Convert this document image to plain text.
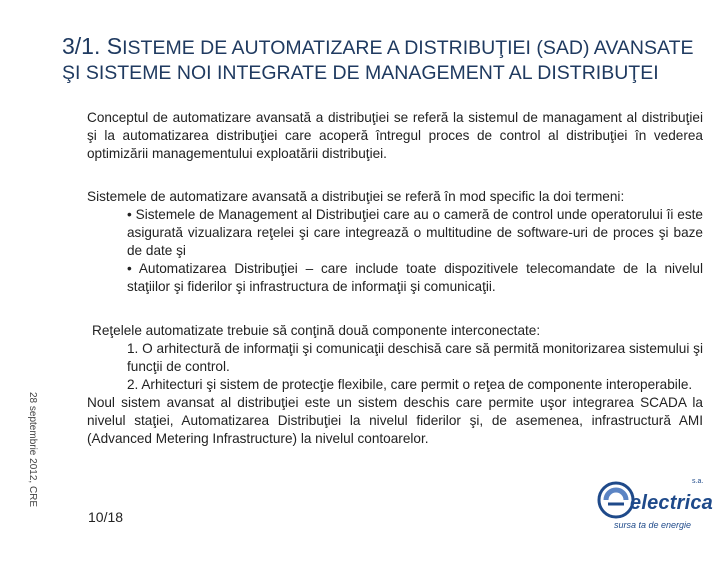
3/1. SISTEME DE AUTOMATIZARE A DISTRIBUŢIEI (SAD) AVANSATE
ŞI SISTEME NOI INTEGRATE DE MANAGEMENT AL DISTRIBUŢEI
Conceptul de automatizare avansată a distribuţiei se referă la sistemul de managament al distribuţiei şi la automatizarea distribuţiei care acoperă întregul proces de control al distribuţiei în vederea optimizării managementului exploatării distribuţiei.
Sistemele de automatizare avansată a distribuţiei se referă în mod specific la doi termeni:
• Sistemele de Management al Distribuţiei care au o cameră de control unde operatorului îi este asigurată vizualizara reţelei şi care integrează o multitudine de software-uri de proces şi baze de date şi
• Automatizarea Distribuţiei – care include toate dispozitivele telecomandate de la nivelul staţiilor şi fiderilor şi infrastructura de informaţii şi comunicaţii.
Reţelele automatizate trebuie să conţină două componente interconectate:
1. O arhitectură de informaţii şi comunicaţii deschisă care să permită monitorizarea sistemului şi funcţii de control.
2. Arhitecturi şi sistem de protecţie flexibile, care permit o reţea de componente interoperabile.
Noul sistem avansat al distribuţiei este un sistem deschis care permite uşor integrarea SCADA la nivelul staţiei, Automatizarea Distribuţiei la nivelul fiderilor şi, de asemenea, infrastructură AMI (Advanced Metering Infrastructure) la nivelul contoarelor.
28 septembrie 2012, CRE
10/18
electrica
s.a.
sursa ta de energie
